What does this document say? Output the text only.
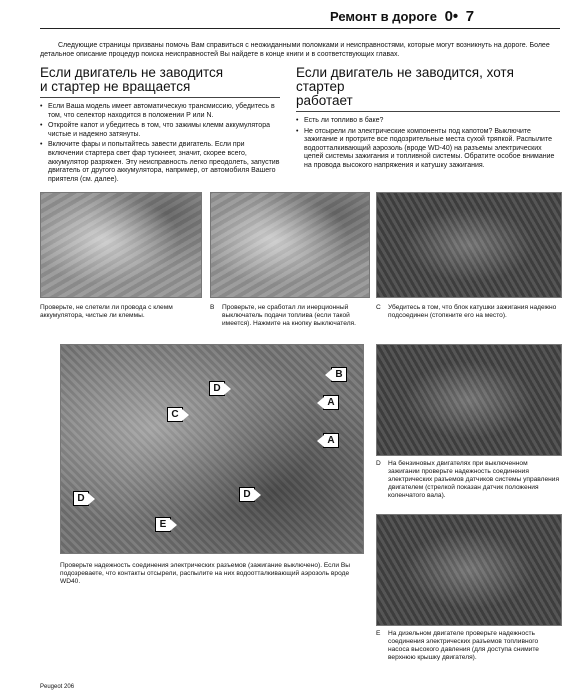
Ремонт в дороге 0• 7
Следующие страницы призваны помочь Вам справиться с неожиданными поломками и неисправностями, которые могут возникнуть на дороге. Более детальное описание процедур поиска неисправностей Вы найдете в конце книги и в соответствующих главах.
Если двигатель не заводится
и стартер не вращается

• Если Ваша модель имеет автоматическую трансмиссию, убедитесь в том, что селектор находится в положении P или N.

• Откройте капот и убедитесь в том, что зажимы клемм аккумулятора чистые и надежно затянуты.

• Включите фары и попытайтесь завести двигатель. Если при включении стартера свет фар тускнеет, значит, скорее всего, аккумулятор разряжен. Эту неисправность легко преодолеть, запустив двигатель от другого аккумулятора, например, от автомобиля Вашего приятеля (см. далее).

Если двигатель не заводится, хотя стартер
работает

• Есть ли топливо в баке?

• Не отсырели ли электрические компоненты под капотом? Выключите зажигание и протрите все подозрительные места сухой тряпкой. Распылите водоотталкивающий аэрозоль (вроде WD-40) на разъемы электрических цепей системы зажигания и топливной системы. Обратите особое внимание на провода высокого напряжения и катушку зажигания.

Проверьте, не слетели ли провода с клемм аккумулятора, чистые ли клеммы.
B Проверьте, не сработал ли инерционный выключатель подачи топлива (если такой имеется). Нажмите на кнопку выключателя.
C Убедитесь в том, что блок катушки зажигания надежно подсоединен (стопкните его на место).
B
D
C
A
A
D	D
E
Проверьте надежность соединения электрических разъемов (зажигание выключено). Если Вы подозреваете, что контакты отсырели, распылите на них водоотталкивающий аэрозоль вроде WD40.
D На бензиновых двигателях при выключенном зажигании проверьте надежность соединения электрических разъемов датчиков системы управления двигателем (стрелкой показан датчик положения коленчатого вала).
E На дизельном двигателе проверьте надежность соединения электрических разъемов топливного насоса высокого давления (для доступа снимите верхнюю крышку двигателя).
Peugeot 206
